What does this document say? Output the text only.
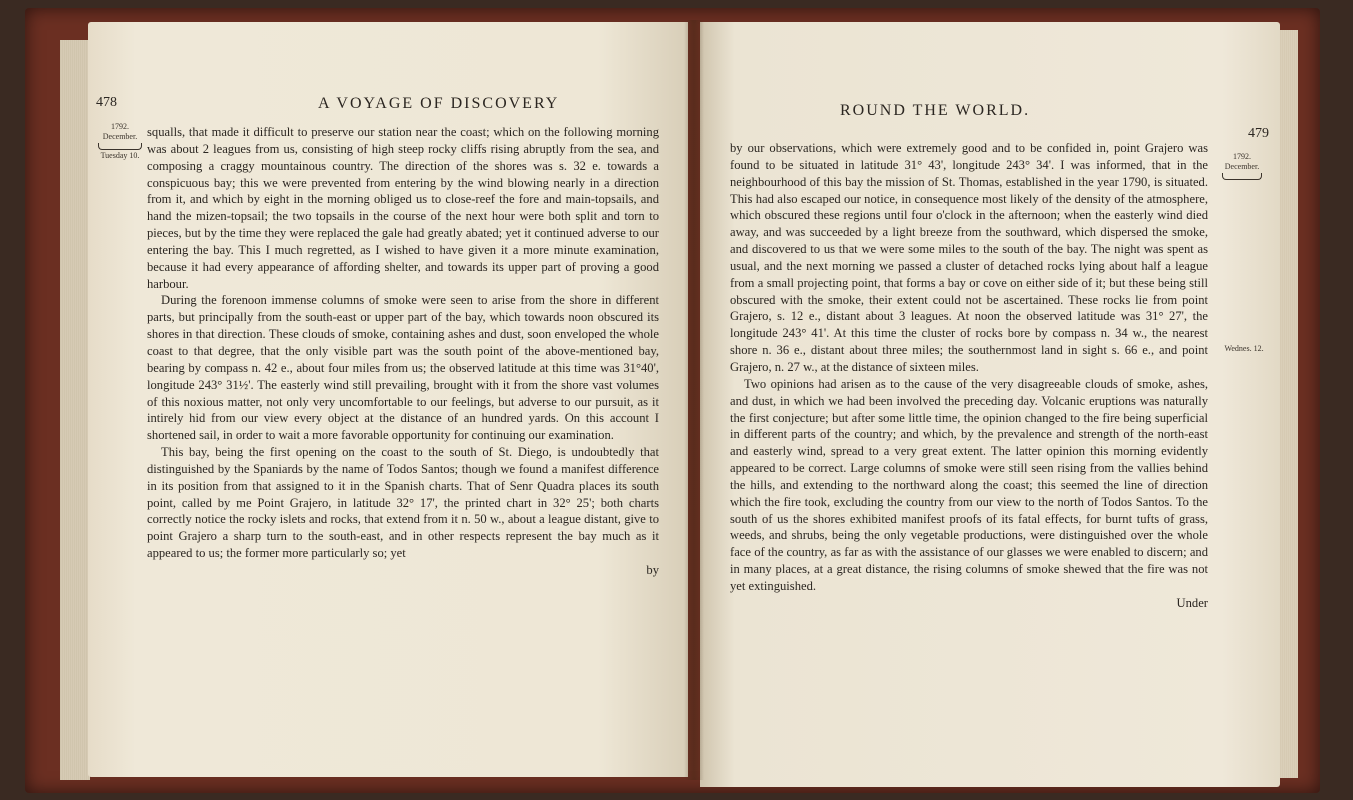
478	A VOYAGE OF DISCOVERY
1792.
December.
Tuesday 10.

squalls, that made it difficult to preserve our station near the coast; which on the following morning was about 2 leagues from us, consisting of high steep rocky cliffs rising abruptly from the sea, and composing a craggy mountainous country. The direction of the shores was s. 32 e. towards a conspicuous bay; this we were prevented from entering by the wind blowing nearly in a direction from it, and which by eight in the morning obliged us to close-reef the fore and main-topsails, and hand the mizen-topsail; the two topsails in the course of the next hour were both split and torn to pieces, but by the time they were replaced the gale had greatly abated; yet it continued adverse to our entering the bay. This I much regretted, as I wished to have given it a more minute examination, because it had every appearance of affording shelter, and towards its upper part of proving a good harbour.

During the forenoon immense columns of smoke were seen to arise from the shore in different parts, but principally from the south-east or upper part of the bay, which towards noon obscured its shores in that direction. These clouds of smoke, containing ashes and dust, soon enveloped the whole coast to that degree, that the only visible part was the south point of the above-mentioned bay, bearing by compass n. 42 e., about four miles from us; the observed latitude at this time was 31°40', longitude 243° 31½'. The easterly wind still prevailing, brought with it from the shore vast volumes of this noxious matter, not only very uncomfortable to our feelings, but adverse to our pursuit, as it intirely hid from our view every object at the distance of an hundred yards. On this account I shortened sail, in order to wait a more favorable opportunity for continuing our examination.

This bay, being the first opening on the coast to the south of St. Diego, is undoubtedly that distinguished by the Spaniards by the name of Todos Santos; though we found a manifest difference in its position from that assigned to it in the Spanish charts. That of Senr Quadra places its south point, called by me Point Grajero, in latitude 32° 17', the printed chart in 32° 25'; both charts correctly notice the rocky islets and rocks, that extend from it n. 50 w., about a league distant, give to point Grajero a sharp turn to the south-east, and in other respects represent the bay much as it appeared to us; the former more particularly so; yet

by

ROUND THE WORLD.
479

by our observations, which were extremely good and to be confided in, point Grajero was found to be situated in latitude 31° 43', longitude 243° 34'. I was informed, that in the neighbourhood of this bay the mission of St. Thomas, established in the year 1790, is situated. This had also escaped our notice, in consequence most likely of the density of the atmosphere, which obscured these regions until four o'clock in the afternoon; when the easterly wind died away, and was succeeded by a light breeze from the southward, which dispersed the smoke, and discovered to us that we were some miles to the south of the bay. The night was spent as usual, and the next morning we passed a cluster of detached rocks lying about half a league from a small projecting point, that forms a bay or cove on either side of it; but these being still obscured with the smoke, their extent could not be ascertained. These rocks lie from point Grajero, s. 12 e., distant about 3 leagues. At noon the observed latitude was 31° 27', the longitude 243° 41'. At this time the cluster of rocks bore by compass n. 34 w., the nearest shore n. 36 e., distant about three miles; the southernmost land in sight s. 66 e., and point Grajero, n. 27 w., at the distance of sixteen miles.

Two opinions had arisen as to the cause of the very disagreeable clouds of smoke, ashes, and dust, in which we had been involved the preceding day. Volcanic eruptions was naturally the first conjecture; but after some little time, the opinion changed to the fire being superficial in different parts of the country; and which, by the prevalence and strength of the north-east and easterly wind, spread to a very great extent. The latter opinion this morning evidently appeared to be correct. Large columns of smoke were still seen rising from the vallies behind the hills, and extending to the northward along the coast; this seemed the line of direction which the fire took, excluding the country from our view to the north of Todos Santos. To the south of us the shores exhibited manifest proofs of its fatal effects, for burnt tufts of grass, weeds, and shrubs, being the only vegetable productions, were distinguished over the whole face of the country, as far as with the assistance of our glasses we were enabled to discern; and in many places, at a great distance, the rising columns of smoke shewed that the fire was not yet extinguished.

Under

1792.
December.
Wednes. 12.
